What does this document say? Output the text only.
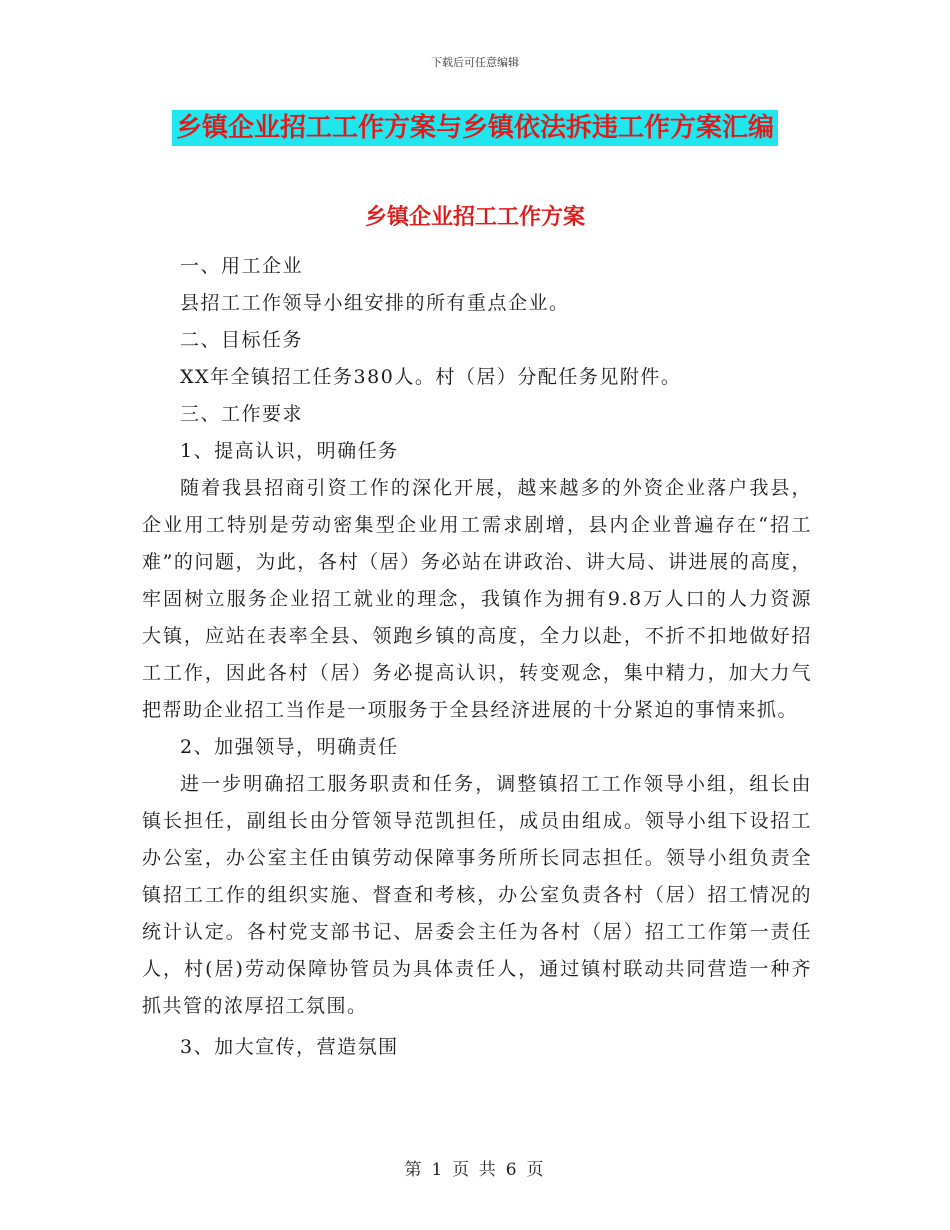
下载后可任意编辑
乡镇企业招工工作方案与乡镇依法拆违工作方案汇编
乡镇企业招工工作方案

一、用工企业

县招工工作领导小组安排的所有重点企业。

二、目标任务

XX年全镇招工任务380人。村（居）分配任务见附件。

三、工作要求

1、提高认识，明确任务

随着我县招商引资工作的深化开展，越来越多的外资企业落户我县，企业用工特别是劳动密集型企业用工需求剧增，县内企业普遍存在“招工难”的问题，为此，各村（居）务必站在讲政治、讲大局、讲进展的高度，牢固树立服务企业招工就业的理念，我镇作为拥有9.8万人口的人力资源大镇，应站在表率全县、领跑乡镇的高度，全力以赴，不折不扣地做好招工工作，因此各村（居）务必提高认识，转变观念，集中精力，加大力气把帮助企业招工当作是一项服务于全县经济进展的十分紧迫的事情来抓。

2、加强领导，明确责任

进一步明确招工服务职责和任务，调整镇招工工作领导小组，组长由镇长担任，副组长由分管领导范凯担任，成员由组成。领导小组下设招工办公室，办公室主任由镇劳动保障事务所所长同志担任。领导小组负责全镇招工工作的组织实施、督查和考核，办公室负责各村（居）招工情况的统计认定。各村党支部书记、居委会主任为各村（居）招工工作第一责任人，村(居)劳动保障协管员为具体责任人，通过镇村联动共同营造一种齐抓共管的浓厚招工氛围。

3、加大宣传，营造氛围

第 1 页 共 6 页
